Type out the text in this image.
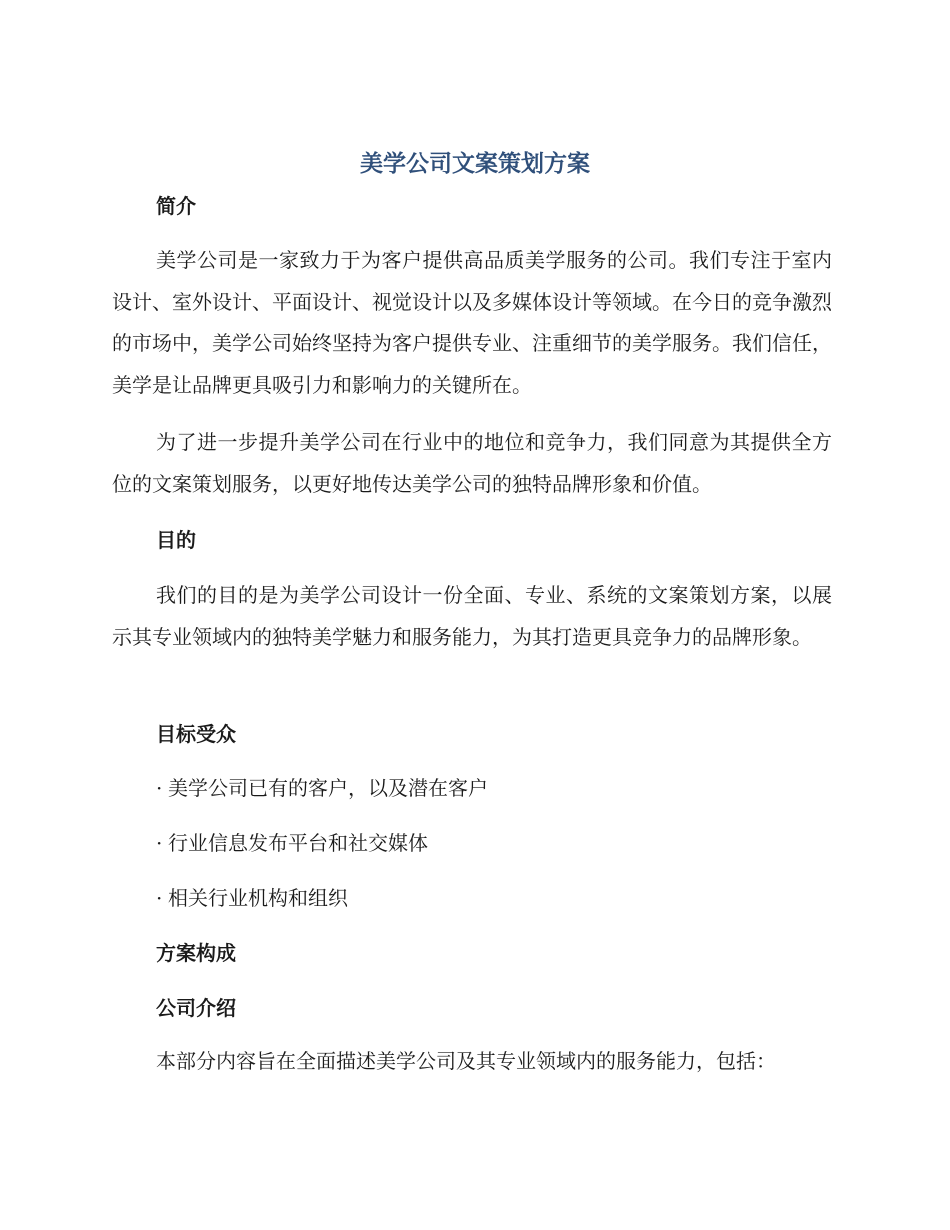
美学公司文案策划方案
简介
美学公司是一家致力于为客户提供高品质美学服务的公司。我们专注于室内设计、室外设计、平面设计、视觉设计以及多媒体设计等领域。在今日的竞争激烈的市场中，美学公司始终坚持为客户提供专业、注重细节的美学服务。我们信任，美学是让品牌更具吸引力和影响力的关键所在。
为了进一步提升美学公司在行业中的地位和竞争力，我们同意为其提供全方位的文案策划服务，以更好地传达美学公司的独特品牌形象和价值。
目的
我们的目的是为美学公司设计一份全面、专业、系统的文案策划方案，以展示其专业领域内的独特美学魅力和服务能力，为其打造更具竞争力的品牌形象。
目标受众
· 美学公司已有的客户，以及潜在客户
· 行业信息发布平台和社交媒体
· 相关行业机构和组织
方案构成
公司介绍
本部分内容旨在全面描述美学公司及其专业领域内的服务能力，包括：
